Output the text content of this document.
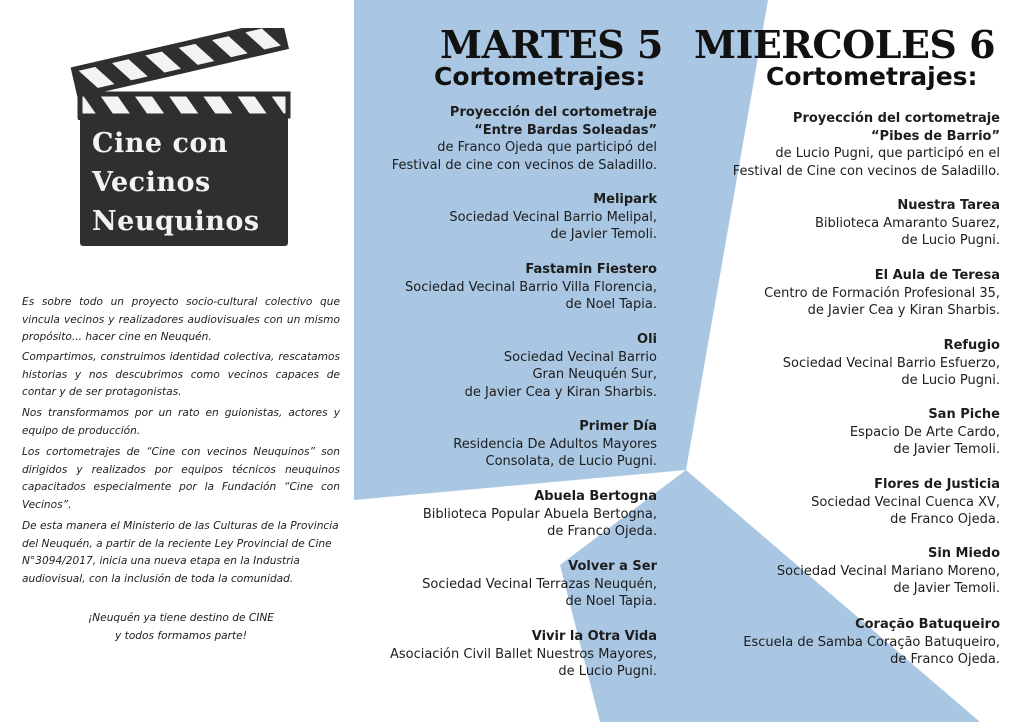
Cine con
Vecinos
Neuquinos

Es sobre todo un proyecto socio-cultural colectivo que vincula vecinos y realizadores audiovisuales con un mismo propósito... hacer cine en Neuquén.

Compartimos, construimos identidad colectiva, rescatamos historias y nos descubrimos como vecinos capaces de contar y de ser protagonistas.

Nos transformamos por un rato en guionistas, actores y equipo de producción.

Los cortometrajes de “Cine con vecinos Neuquinos” son dirigidos y realizados por equipos técnicos neuquinos capacitados especialmente por la Fundación “Cine con Vecinos”.

De esta manera el Ministerio de las Culturas de la Provincia del Neuquén, a partir de la reciente Ley Provincial de Cine N°3094/2017, inicia una nueva etapa en la Industria audiovisual, con la inclusión de toda la comunidad.

¡Neuquén ya tiene destino de CINE
y todos formamos parte!
MARTES 5 MIERCOLES 6
Cortometrajes:	Cortometrajes:
Proyección del cortometraje
“Entre Bardas Soleadas”
de Franco Ojeda que participó del
Festival de cine con vecinos de Saladillo.
Melipark
Sociedad Vecinal Barrio Melipal,
de Javier Temoli.
Fastamin Fiestero
Sociedad Vecinal Barrio Villa Florencia,
de Noel Tapia.
Oli
Sociedad Vecinal Barrio
Gran Neuquén Sur,
de Javier Cea y Kiran Sharbis.
Primer Día
Residencia De Adultos Mayores
Consolata, de Lucio Pugni.
Abuela Bertogna
Biblioteca Popular Abuela Bertogna,
de Franco Ojeda.
Volver a Ser
Sociedad Vecinal Terrazas Neuquén,
de Noel Tapia.
Vivir la Otra Vida
Asociación Civil Ballet Nuestros Mayores,
de Lucio Pugni.
Proyección del cortometraje
“Pibes de Barrio”
de Lucio Pugni, que participó en el
Festival de Cine con vecinos de Saladillo.
Nuestra Tarea
Biblioteca Amaranto Suarez,
de Lucio Pugni.
El Aula de Teresa
Centro de Formación Profesional 35,
de Javier Cea y Kiran Sharbis.
Refugio
Sociedad Vecinal Barrio Esfuerzo,
de Lucio Pugni.
San Piche
Espacio De Arte Cardo,
de Javier Temoli.
Flores de Justicia
Sociedad Vecinal Cuenca XV,
de Franco Ojeda.
Sin Miedo
Sociedad Vecinal Mariano Moreno,
de Javier Temoli.
Coração Batuqueiro
Escuela de Samba Coração Batuqueiro,
de Franco Ojeda.
